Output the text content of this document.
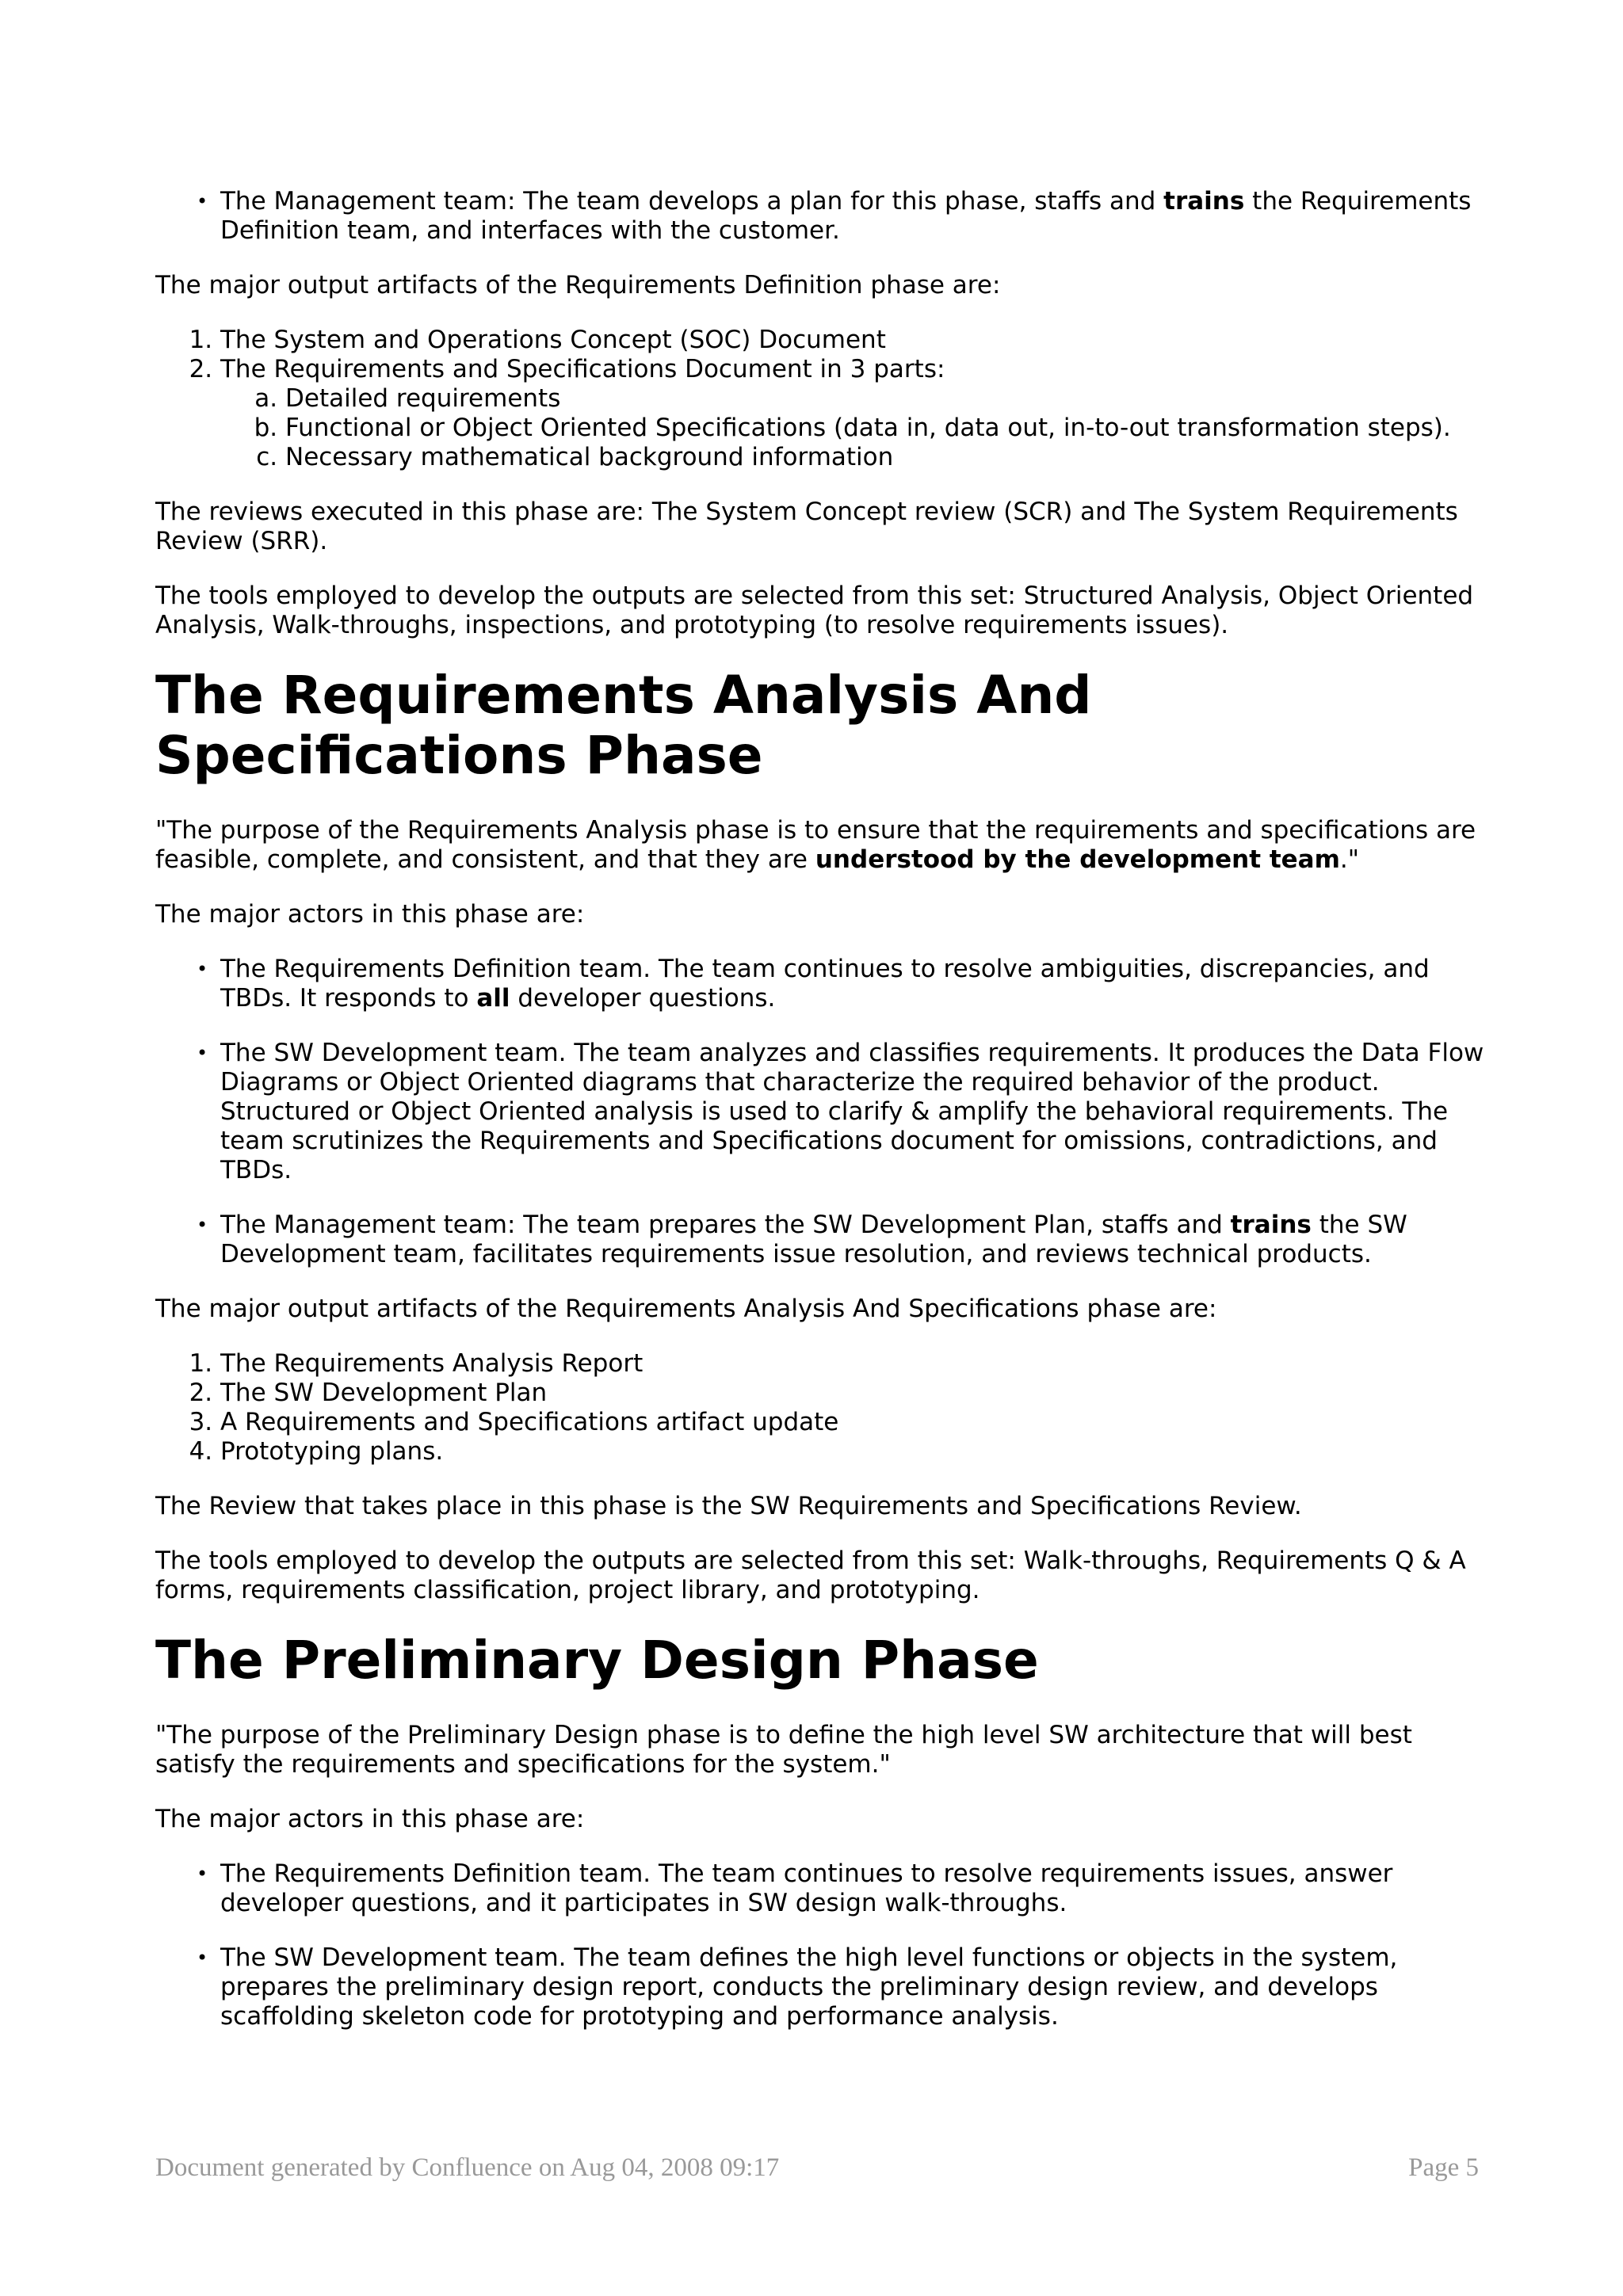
• The Management team: The team develops a plan for this phase, staffs and trains the Requirements Definition team, and interfaces with the customer.

The major output artifacts of the Requirements Definition phase are:

1. The System and Operations Concept (SOC) Document
2. The Requirements and Specifications Document in 3 parts:
a. Detailed requirements
b. Functional or Object Oriented Specifications (data in, data out, in-to-out transformation steps).
c. Necessary mathematical background information

The reviews executed in this phase are: The System Concept review (SCR) and The System Requirements Review (SRR).

The tools employed to develop the outputs are selected from this set: Structured Analysis, Object Oriented Analysis, Walk-throughs, inspections, and prototyping (to resolve requirements issues).

The Requirements Analysis And Specifications Phase

"The purpose of the Requirements Analysis phase is to ensure that the requirements and specifications are feasible, complete, and consistent, and that they are understood by the development team."

The major actors in this phase are:

• The Requirements Definition team. The team continues to resolve ambiguities, discrepancies, and TBDs. It responds to all developer questions.
• The SW Development team. The team analyzes and classifies requirements. It produces the Data Flow Diagrams or Object Oriented diagrams that characterize the required behavior of the product. Structured or Object Oriented analysis is used to clarify & amplify the behavioral requirements. The team scrutinizes the Requirements and Specifications document for omissions, contradictions, and TBDs.
• The Management team: The team prepares the SW Development Plan, staffs and trains the SW Development team, facilitates requirements issue resolution, and reviews technical products.

The major output artifacts of the Requirements Analysis And Specifications phase are:

1. The Requirements Analysis Report
2. The SW Development Plan
3. A Requirements and Specifications artifact update
4. Prototyping plans.

The Review that takes place in this phase is the SW Requirements and Specifications Review.

The tools employed to develop the outputs are selected from this set: Walk-throughs, Requirements Q & A forms, requirements classification, project library, and prototyping.

The Preliminary Design Phase

"The purpose of the Preliminary Design phase is to define the high level SW architecture that will best satisfy the requirements and specifications for the system."

The major actors in this phase are:

• The Requirements Definition team. The team continues to resolve requirements issues, answer developer questions, and it participates in SW design walk-throughs.
• The SW Development team. The team defines the high level functions or objects in the system, prepares the preliminary design report, conducts the preliminary design review, and develops scaffolding skeleton code for prototyping and performance analysis.
Document generated by Confluence on Aug 04, 2008 09:17	Page 5
